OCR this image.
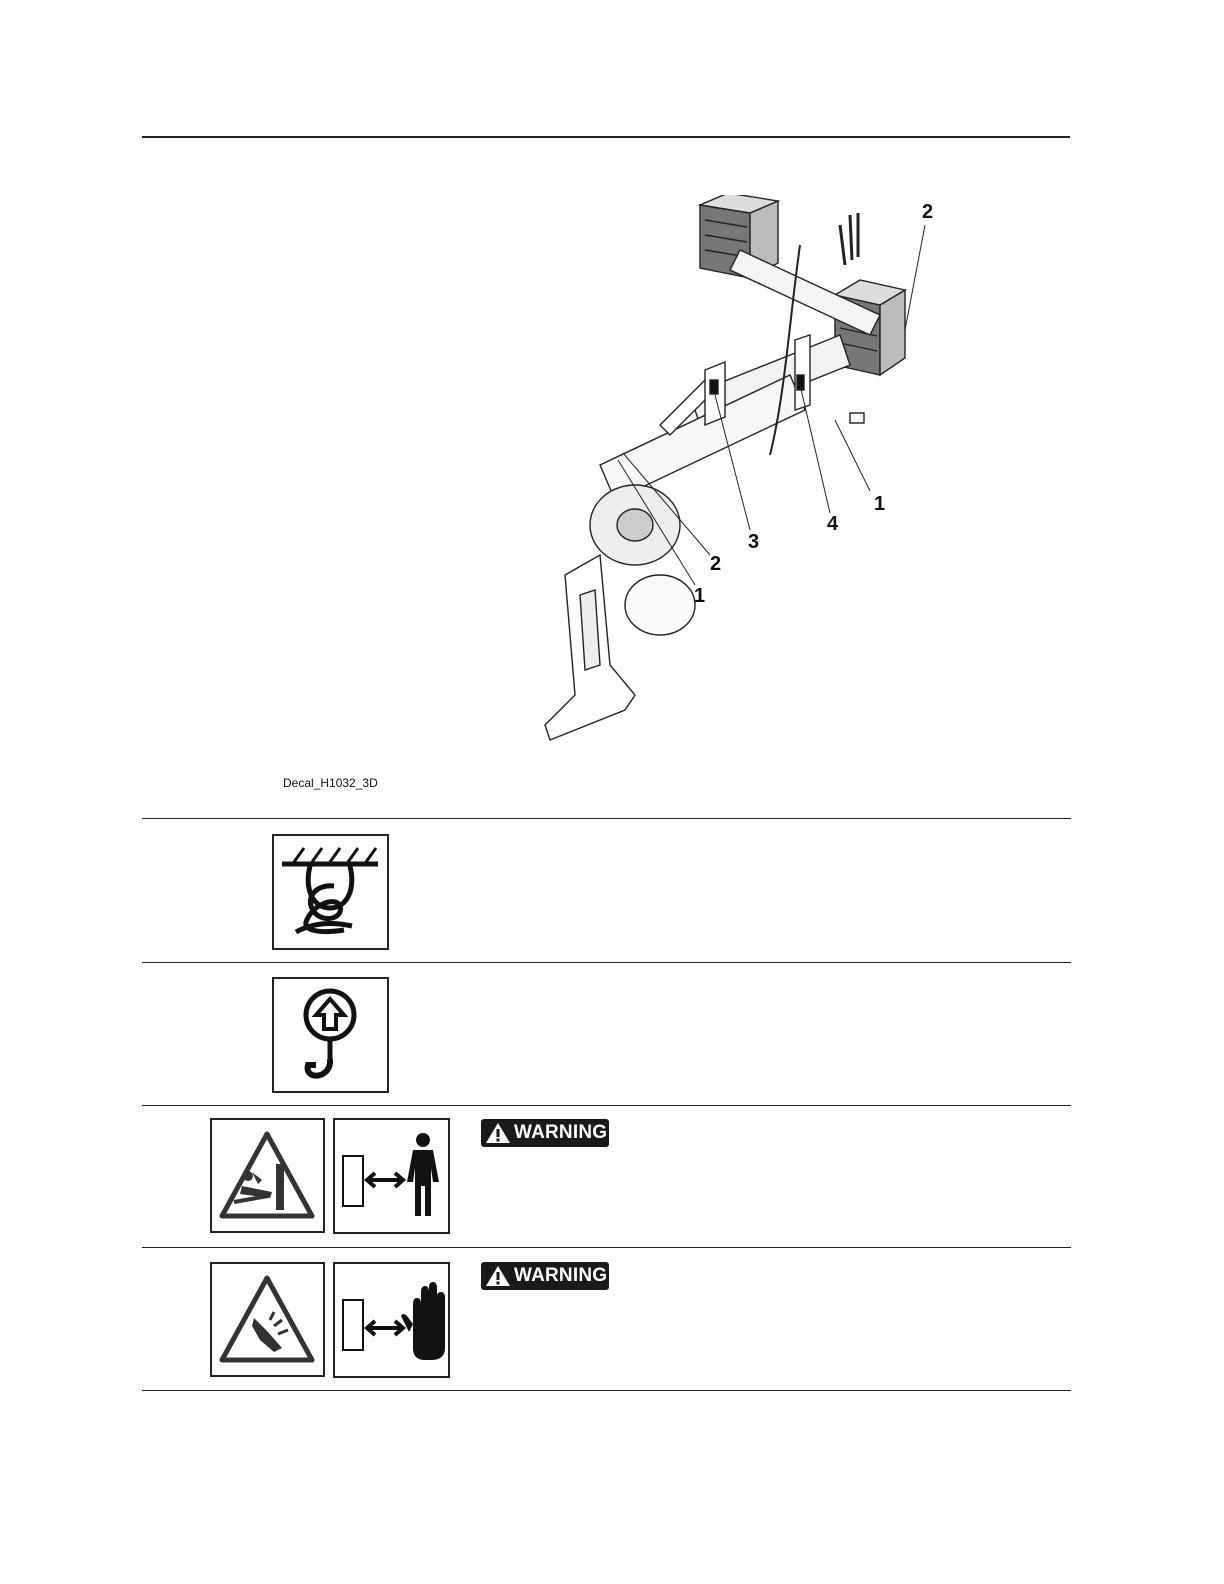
2
1
4
3
2
1
Decal_H1032_3D
WARNING
WARNING
